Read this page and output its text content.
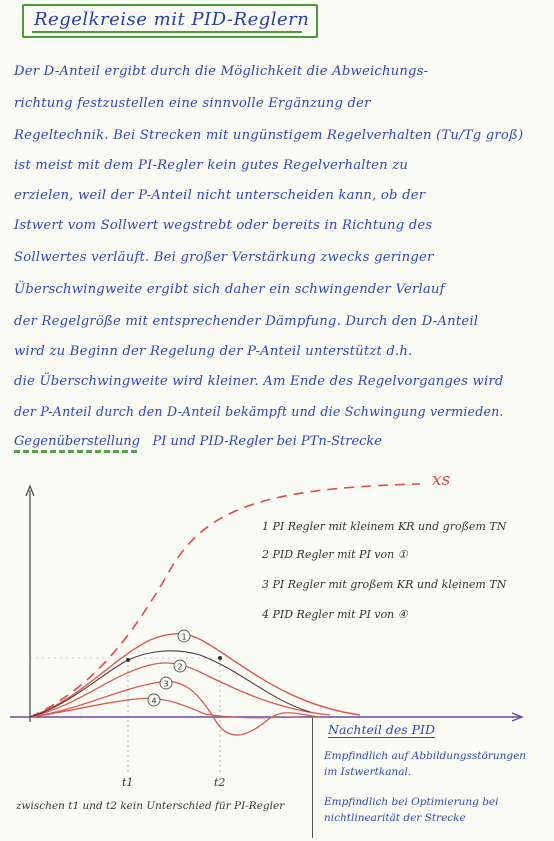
Regelkreise mit PID-Reglern
Der D-Anteil ergibt durch die Möglichkeit die Abweichungs-
richtung festzustellen eine sinnvolle Ergänzung der
Regeltechnik. Bei Strecken mit ungünstigem Regelverhalten (Tu/Tg groß)
ist meist mit dem PI-Regler kein gutes Regelverhalten zu
erzielen, weil der P-Anteil nicht unterscheiden kann, ob der
Istwert vom Sollwert wegstrebt oder bereits in Richtung des
Sollwertes verläuft. Bei großer Verstärkung zwecks geringer
Überschwingweite ergibt sich daher ein schwingender Verlauf
der Regelgröße mit entsprechender Dämpfung. Durch den D-Anteil
wird zu Beginn der Regelung der P-Anteil unterstützt d.h.
die Überschwingweite wird kleiner. Am Ende des Regelvorganges wird
der P-Anteil durch den D-Anteil bekämpft und die Schwingung vermieden.
Gegenüberstellung PI und PID-Regler bei PTn-Strecke
1
2
3
4
xs
1 PI Regler mit kleinem KR und großem TN
2 PID Regler mit PI von ①
3 PI Regler mit großem KR und kleinem TN
4 PID Regler mit PI von ④
t1	t2
zwischen t1 und t2 kein Unterschied für PI-Regler
Nachteil des PID
Empfindlich auf Abbildungsstörungen
im Istwertkanal.
Empfindlich bei Optimierung bei
nichtlinearität der Strecke
